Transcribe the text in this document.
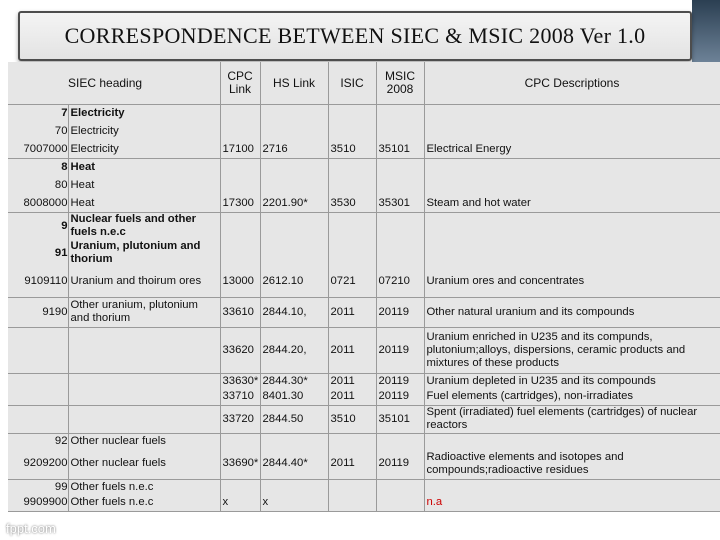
CORRESPONDENCE BETWEEN SIEC & MSIC 2008 Ver 1.0
SIEC heading		CPC Link	HS Link	ISIC	MSIC 2008	CPC Descriptions
7	Electricity					
70	Electricity					
7007000	Electricity	17100	2716	3510	35101	Electrical Energy
8	Heat					
80	Heat					
8008000	Heat	17300	2201.90*	3530	35301	Steam and hot water
9	Nuclear fuels and other fuels n.e.c					
91	Uranium, plutonium and thorium					
9109110	Uranium and thoirum ores	13000	2612.10	0721	07210	Uranium ores and concentrates
9190	Other uranium, plutonium and thorium	33610	2844.10,	2011	20119	Other natural uranium and its compounds
		33620	2844.20,	2011	20119	Uranium enriched in U235 and its compunds, plutonium;alloys, dispersions, ceramic products and mixtures of these products
		33630*	2844.30*	2011	20119	Uranium depleted in U235 and its compounds
		33710	8401.30	2011	20119	Fuel elements (cartridges), non-irradiates
		33720	2844.50	3510	35101	Spent (irradiated) fuel elements (cartridges) of nuclear reactors
92	Other nuclear fuels					
9209200	Other nuclear fuels	33690*	2844.40*	2011	20119	Radioactive elements and isotopes and compounds;radioactive residues
99	Other fuels n.e.c					
9909900	Other fuels n.e.c	x	x			n.a
fppt.com
